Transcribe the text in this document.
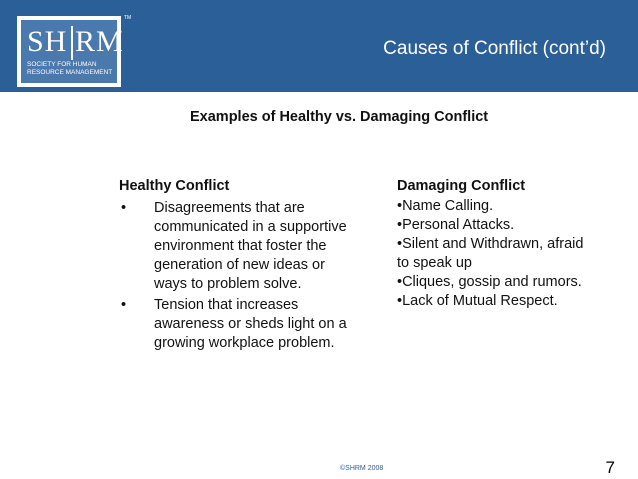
SH RM
SOCIETY FOR HUMAN RESOURCE MANAGEMENT
TM
Causes of Conflict (cont’d)
Examples of Healthy vs. Damaging Conflict
Healthy Conflict
• Disagreements that are communicated in a supportive environment that foster the generation of new ideas or ways to problem solve.
• Tension that increases awareness or sheds light on a growing workplace problem.
Damaging Conflict
•Name Calling.
•Personal Attacks.
•Silent and Withdrawn, afraid to speak up
•Cliques, gossip and rumors.
•Lack of Mutual Respect.
©SHRM 2008	7
